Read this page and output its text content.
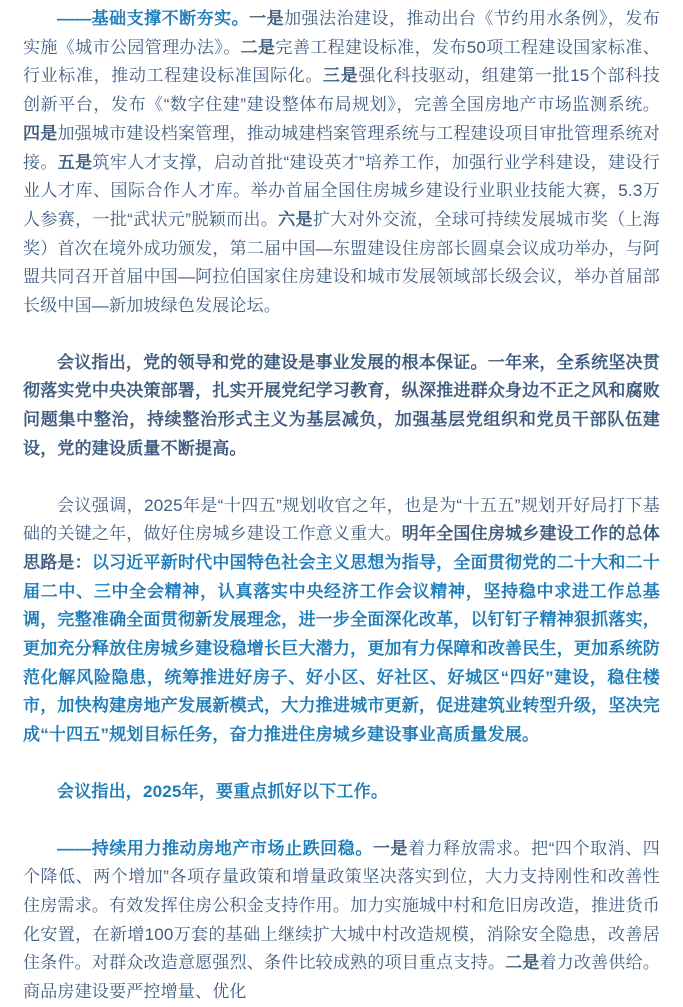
——基础支撑不断夯实。一是加强法治建设，推动出台《节约用水条例》，发布实施《城市公园管理办法》。二是完善工程建设标准，发布50项工程建设国家标准、行业标准，推动工程建设标准国际化。三是强化科技驱动，组建第一批15个部科技创新平台，发布《“数字住建”建设整体布局规划》，完善全国房地产市场监测系统。四是加强城市建设档案管理，推动城建档案管理系统与工程建设项目审批管理系统对接。五是筑牢人才支撑，启动首批“建设英才”培养工作，加强行业学科建设，建设行业人才库、国际合作人才库。举办首届全国住房城乡建设行业职业技能大赛，5.3万人参赛，一批“武状元”脱颖而出。六是扩大对外交流，全球可持续发展城市奖（上海奖）首次在境外成功颁发，第二届中国—东盟建设住房部长圆桌会议成功举办，与阿盟共同召开首届中国—阿拉伯国家住房建设和城市发展领域部长级会议，举办首届部长级中国—新加坡绿色发展论坛。

会议指出，党的领导和党的建设是事业发展的根本保证。一年来，全系统坚决贯彻落实党中央决策部署，扎实开展党纪学习教育，纵深推进群众身边不正之风和腐败问题集中整治，持续整治形式主义为基层减负，加强基层党组织和党员干部队伍建设，党的建设质量不断提高。

会议强调，2025年是“十四五”规划收官之年，也是为“十五五”规划开好局打下基础的关键之年，做好住房城乡建设工作意义重大。明年全国住房城乡建设工作的总体思路是：以习近平新时代中国特色社会主义思想为指导，全面贯彻党的二十大和二十届二中、三中全会精神，认真落实中央经济工作会议精神，坚持稳中求进工作总基调，完整准确全面贯彻新发展理念，进一步全面深化改革，以钉钉子精神狠抓落实，更加充分释放住房城乡建设稳增长巨大潜力，更加有力保障和改善民生，更加系统防范化解风险隐患，统筹推进好房子、好小区、好社区、好城区“四好”建设，稳住楼市，加快构建房地产发展新模式，大力推进城市更新，促进建筑业转型升级，坚决完成“十四五”规划目标任务，奋力推进住房城乡建设事业高质量发展。

会议指出，2025年，要重点抓好以下工作。

——持续用力推动房地产市场止跌回稳。一是着力释放需求。把“四个取消、四个降低、两个增加”各项存量政策和增量政策坚决落实到位，大力支持刚性和改善性住房需求。有效发挥住房公积金支持作用。加力实施城中村和危旧房改造，推进货币化安置，在新增100万套的基础上继续扩大城中村改造规模，消除安全隐患，改善居住条件。对群众改造意愿强烈、条件比较成熟的项目重点支持。二是着力改善供给。商品房建设要严控增量、优化
